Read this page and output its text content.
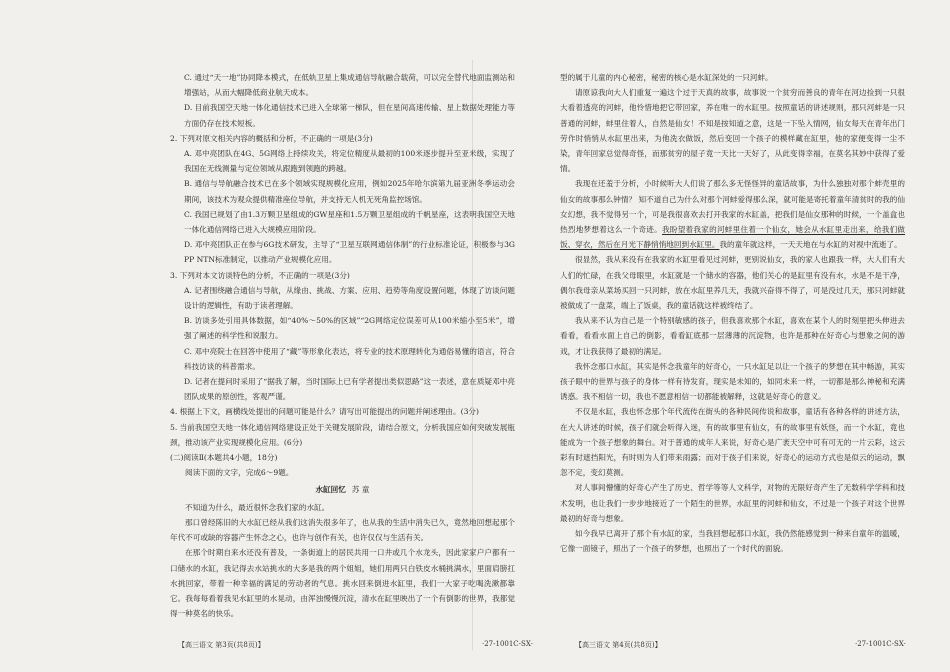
C. 通过“天一地”协同降本模式，在低轨卫星上集成通信导航融合载荷，可以完全替代地面监测站和增强站，从而大幅降低商业航天成本。

D. 目前我国空天地一体化通信技术已进入全球第一梯队，但在星间高速传输、星上数据处理能力等方面仍存在技术短板。

2. 下列对原文相关内容的概括和分析，不正确的一项是(3分)

A. 邓中亮团队在4G、5G网络上持续攻关，将定位精度从最初的100米逐步提升至亚米级，实现了我国在无线测量与定位领域从跟跑到领跑的跨越。

B. 通信与导航融合技术已在多个领域实现规模化应用，例如2025年哈尔滨第九届亚洲冬季运动会期间，该技术为观众提供精准座位导航，并支持无人机无死角监控场馆。

C. 我国已规划了由1.3万颗卫星组成的GW星座和1.5万颗卫星组成的千帆星座，这表明我国空天地一体化通信网络已进入大规模应用阶段。

D. 邓中亮团队正在参与6G技术研发，主导了“卫星互联网通信体制”的行业标准论证，积极参与3GPP NTN标准制定，以推动产业规模化应用。

3. 下列对本文访谈特色的分析，不正确的一项是(3分)

A. 记者围绕融合通信与导航，从缘由、挑战、方案、应用、趋势等角度设置问题，体现了访谈问题设计的逻辑性，有助于读者理解。

B. 访谈多处引用具体数据，如“40%～50%的区域”“2G网络定位误差可从100米缩小至5米”，增强了阐述的科学性和说服力。

C. 邓中亮院士在回答中使用了“藏”等形象化表达，将专业的技术原理转化为通俗易懂的语言，符合科技访谈的科普需求。

D. 记者在提问时采用了“据我了解，当时国际上已有学者提出类似思路”这一表述，意在质疑邓中亮团队成果的原创性，客观严谨。

4. 根据上下文，画横线处提出的问题可能是什么？请写出可能提出的问题并阐述理由。(3分)

5. 当前我国空天地一体化通信网络建设正处于关键发展阶段，请结合原文，分析我国应如何突破发展瓶颈，推动该产业实现规模化应用。(6分)

(二)阅读Ⅱ(本题共4小题，18分)

阅读下面的文字，完成6～9题。

水缸回忆 苏 童

不知道为什么，最近很怀念我们家的水缸。

那口曾经陈旧的大水缸已经从我们这消失很多年了，也从我的生活中消失已久，竟然地回想起那个年代不可或缺的容器产生怀念之心，也许与创作有关，也许仅仅与生活有关。

在那个时期自来水还没有普及，一条街道上的居民共用一口井或几个水龙头，因此家家户户都有一口储水的水缸，我记得去水站挑水的大多是我的两个姐姐，她们用两只白铁皮水桶挑满水，里面肩膀扛水挑回家，带着一种幸福的满足的劳动者的气息。挑水回来倒进水缸里，我们一大家子吃喝洗漱都靠它。我每每看着我见水缸里的水晃动，由浑浊慢慢沉淀，清水在缸里映出了一个有倒影的世界，我都觉得一种莫名的快乐。

型的属于儿童的内心秘密，秘密的核心是水缸深处的一只河蚌。

请原谅我向大人们重复一遍这个过于天真的故事，故事说一个贫穷而善良的青年在河边捡到一只很大看着透亮的河蚌，他怜惜地把它带回家，养在唯一的水缸里。按照童话的讲述规则，那只河蚌是一只普通的河蚌，蚌里住着人，自然是仙女！不知是按知道之意，这是一下坠入情网，仙女每天在青年出门劳作时悄悄从水缸里出来，为他洗衣做饭，然后变回一个孩子的模样藏在缸里，他的家便变得一尘不染，青年回家总觉得奇怪，而那贫穷的屋子竟一天比一天好了，从此变得幸福，在莫名其妙中获得了爱情。

我现在还羞于分析，小时候听大人们说了那么多无怪怪异的童话故事，为什么独独对那个蚌壳里的仙女的故事那么钟情？ 知不道自己为什么对那个河蚌爱得那么深，就可能是寄托着童年清贫时的我的仙女幻想，我不觉得另一个，可是我很喜欢去打开我家的水缸盖，把我们是仙女那种的时候，一个盖盒也热烈地梦想着这么一个奇迹。我盼望着我家的河蚌里住着一个仙女，她会从水缸里走出来，给我们做饭、穿衣，然后在月光下静悄悄地回到水缸里。我的童年就这样，一天天地在与水缸的对视中流逝了。

很显然，我从来没有在我家的水缸里看见过河蚌，更别说仙女，我的家人也跟我一样，大人们有大人们的忙碌，在我父母眼里，水缸就是一个储水的容器，他们关心的是缸里有没有水，水是不是干净，偶尔我母亲从菜场买回一只河蚌，放在水缸里养几天，我就兴奋得不得了，可是没过几天，那只河蚌就被做成了一盘菜，端上了饭桌，我的童话就这样被终结了。

我从来不认为自己是一个特别敏感的孩子，但我喜欢那个水缸，喜欢在某个人的时刻里把头伸进去看看，看看水面上自己的倒影，看看缸底那一层薄薄的沉淀物，也许是那种在好奇心与想象之间的游戏，才让我获得了最初的满足。

我怀念那口水缸，其实是怀念我童年的好奇心，一只水缸足以让一个孩子的梦想在其中畅游，其实孩子眼中的世界与孩子的身体一样有待发育，现实是未知的，如同未来一样，一切都是那么神秘和充满诱惑。我不相信一切，我也不愿意相信一切都能被解释，这就是好奇心的意义。

不仅是水缸，我也怀念那个年代流传在街头的各种民间传说和故事，童话有各种各样的讲述方法，在大人讲述的时候，孩子们就会听得入迷，有的故事里有仙女，有的故事里有妖怪，而一个水缸，竟也能成为一个孩子想象的舞台。对于普通的成年人来说，好奇心是广袤天空中可有可无的一片云彩，这云彩有时遮挡阳光，有时则为人们带来雨露；而对于孩子们来说，好奇心的运动方式也是似云的运动，飘忽不定，变幻莫测。

对人事间懵懂的好奇心产生了历史、哲学等等人文科学，对物的无限好奇产生了无数科学学科和技术发明，也让我们一步步地接近了一个陌生的世界，水缸里的河蚌和仙女，不过是一个孩子对这个世界最初的好奇与想象。

如今我早已离开了那个有水缸的家，当我回想起那口水缸，我仍然能感觉到一种来自童年的温暖，它像一面镜子，照出了一个孩子的梦想，也照出了一个时代的面貌。

【高三语文 第3页(共8页)】	·27-1001C-SX·	【高三语文 第4页(共8页)】	·27-1001C-SX·
